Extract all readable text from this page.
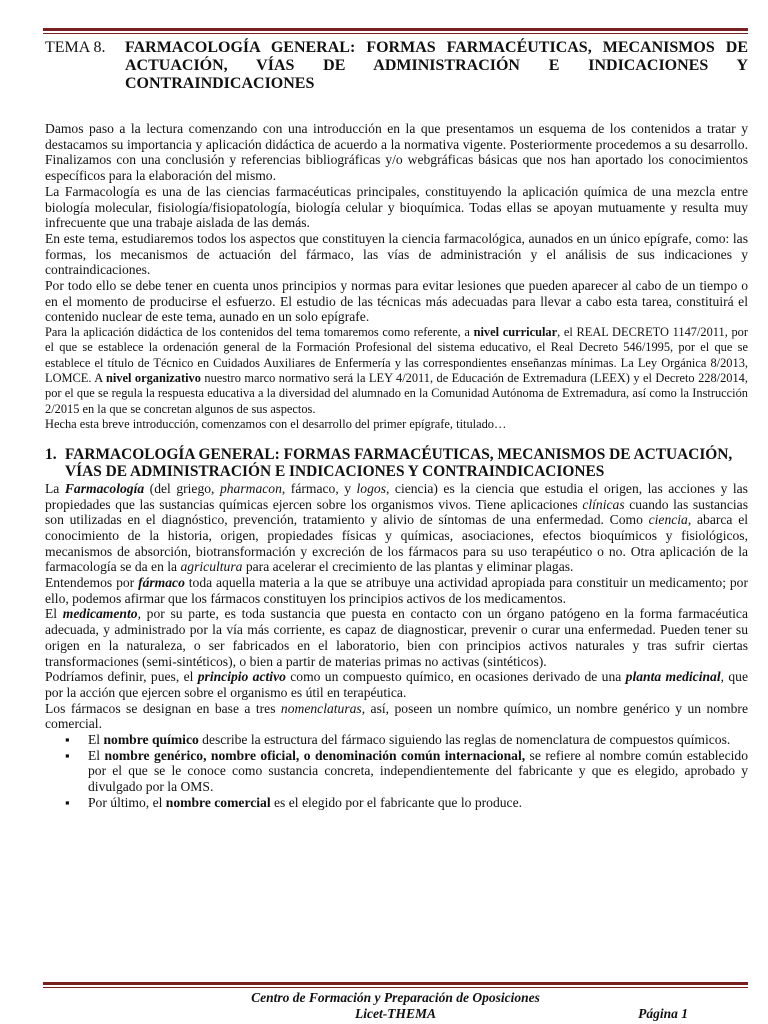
TEMA 8.	FARMACOLOGÍA GENERAL: FORMAS FARMACÉUTICAS, MECANISMOS DE ACTUACIÓN, VÍAS DE ADMINISTRACIÓN E INDICACIONES Y CONTRAINDICACIONES

Damos paso a la lectura comenzando con una introducción en la que presentamos un esquema de los contenidos a tratar y destacamos su importancia y aplicación didáctica de acuerdo a la normativa vigente. Posteriormente procedemos a su desarrollo. Finalizamos con una conclusión y referencias bibliográficas y/o webgráficas básicas que nos han aportado los conocimientos específicos para la elaboración del mismo.

La Farmacología es una de las ciencias farmacéuticas principales, constituyendo la aplicación química de una mezcla entre biología molecular, fisiología/fisiopatología, biología celular y bioquímica. Todas ellas se apoyan mutuamente y resulta muy infrecuente que una trabaje aislada de las demás.

En este tema, estudiaremos todos los aspectos que constituyen la ciencia farmacológica, aunados en un único epígrafe, como: las formas, los mecanismos de actuación del fármaco, las vías de administración y el análisis de sus indicaciones y contraindicaciones.

Por todo ello se debe tener en cuenta unos principios y normas para evitar lesiones que pueden aparecer al cabo de un tiempo o en el momento de producirse el esfuerzo. El estudio de las técnicas más adecuadas para llevar a cabo esta tarea, constituirá el contenido nuclear de este tema, aunado en un solo epígrafe.

Para la aplicación didáctica de los contenidos del tema tomaremos como referente, a nivel curricular, el REAL DECRETO 1147/2011, por el que se establece la ordenación general de la Formación Profesional del sistema educativo, el Real Decreto 546/1995, por el que se establece el título de Técnico en Cuidados Auxiliares de Enfermería y las correspondientes enseñanzas mínimas. La Ley Orgánica 8/2013, LOMCE. A nivel organizativo nuestro marco normativo será la LEY 4/2011, de Educación de Extremadura (LEEX) y el Decreto 228/2014, por el que se regula la respuesta educativa a la diversidad del alumnado en la Comunidad Autónoma de Extremadura, así como la Instrucción 2/2015 en la que se concretan algunos de sus aspectos.

Hecha esta breve introducción, comenzamos con el desarrollo del primer epígrafe, titulado…

1. FARMACOLOGÍA GENERAL: FORMAS FARMACÉUTICAS, MECANISMOS DE ACTUACIÓN,
VÍAS DE ADMINISTRACIÓN E INDICACIONES Y CONTRAINDICACIONES

La Farmacología (del griego, pharmacon, fármaco, y logos, ciencia) es la ciencia que estudia el origen, las acciones y las propiedades que las sustancias químicas ejercen sobre los organismos vivos. Tiene aplicaciones clínicas cuando las sustancias son utilizadas en el diagnóstico, prevención, tratamiento y alivio de síntomas de una enfermedad. Como ciencia, abarca el conocimiento de la historia, origen, propiedades físicas y químicas, asociaciones, efectos bioquímicos y fisiológicos, mecanismos de absorción, biotransformación y excreción de los fármacos para su uso terapéutico o no. Otra aplicación de la farmacología se da en la agricultura para acelerar el crecimiento de las plantas y eliminar plagas.

Entendemos por fármaco toda aquella materia a la que se atribuye una actividad apropiada para constituir un medicamento; por ello, podemos afirmar que los fármacos constituyen los principios activos de los medicamentos.

El medicamento, por su parte, es toda sustancia que puesta en contacto con un órgano patógeno en la forma farmacéutica adecuada, y administrado por la vía más corriente, es capaz de diagnosticar, prevenir o curar una enfermedad. Pueden tener su origen en la naturaleza, o ser fabricados en el laboratorio, bien con principios activos naturales y tras sufrir ciertas transformaciones (semi-sintéticos), o bien a partir de materias primas no activas (sintéticos).

Podríamos definir, pues, el principio activo como un compuesto químico, en ocasiones derivado de una planta medicinal, que por la acción que ejercen sobre el organismo es útil en terapéutica.

Los fármacos se designan en base a tres nomenclaturas, así, poseen un nombre químico, un nombre genérico y un nombre comercial.

▪ El nombre químico describe la estructura del fármaco siguiendo las reglas de nomenclatura de compuestos químicos.
▪ El nombre genérico, nombre oficial, o denominación común internacional, se refiere al nombre común establecido por el que se le conoce como sustancia concreta, independientemente del fabricante y que es elegido, aprobado y divulgado por la OMS.
▪ Por último, el nombre comercial es el elegido por el fabricante que lo produce.
Centro de Formación y Preparación de Oposiciones
Licet-THEMA	Página 1
